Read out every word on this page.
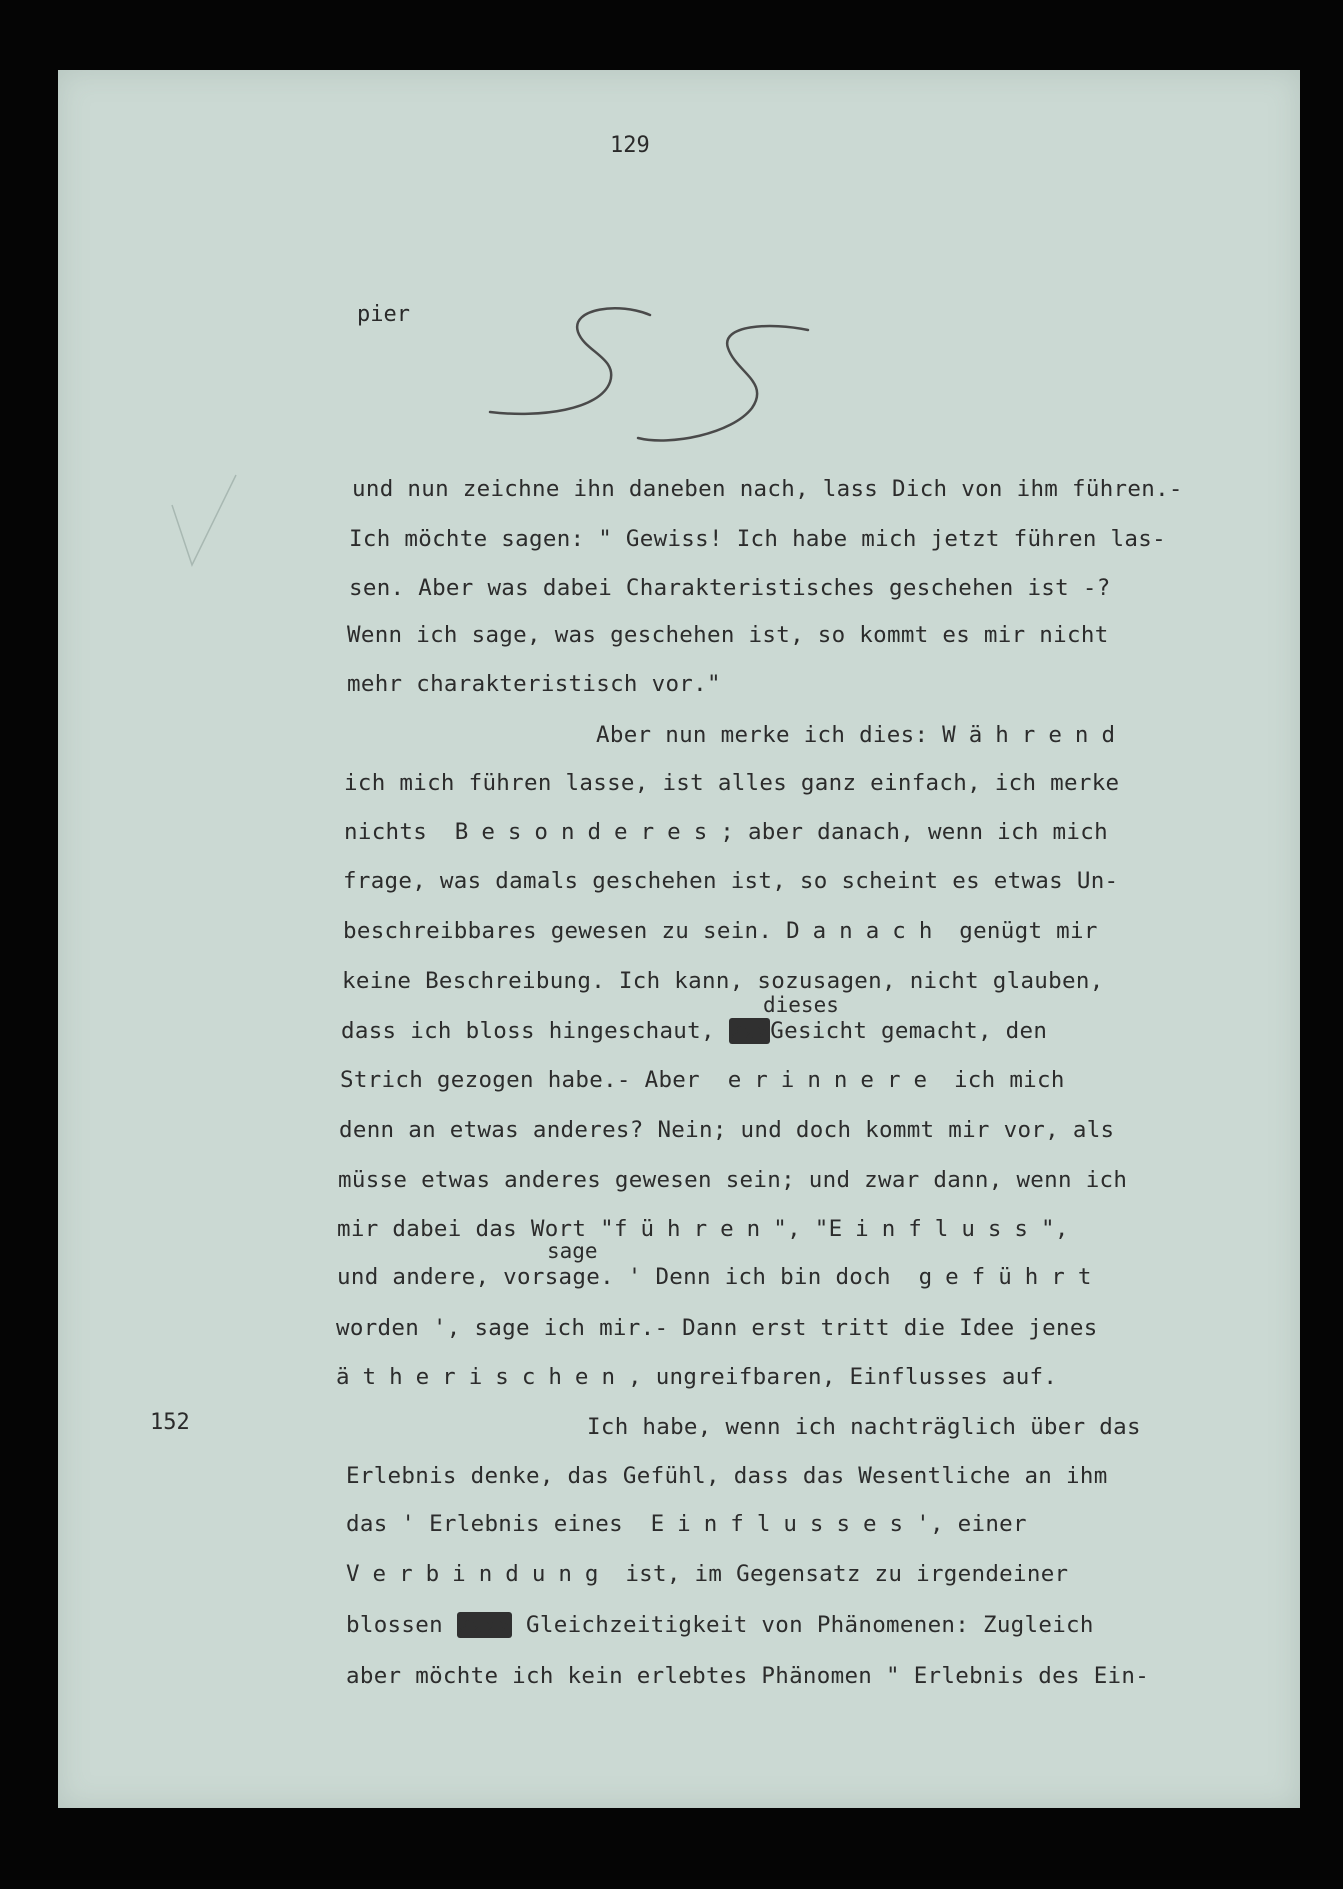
129
pier
und nun zeichne ihn daneben nach, lass Dich von ihm führen.-
Ich möchte sagen: " Gewiss! Ich habe mich jetzt führen las-
sen. Aber was dabei Charakteristisches geschehen ist -?
Wenn ich sage, was geschehen ist, so kommt es mir nicht
mehr charakteristisch vor."
Aber nun merke ich dies: Während
ich mich führen lasse, ist alles ganz einfach, ich merke
nichts Besonderes; aber danach, wenn ich mich
frage, was damals geschehen ist, so scheint es etwas Un-
beschreibbares gewesen zu sein. Danach genügt mir
keine Beschreibung. Ich kann, sozusagen, nicht glauben,
dieses
dass ich bloss hingeschaut, xxxGesicht gemacht, den
Strich gezogen habe.- Aber erinnere ich mich
denn an etwas anderes? Nein; und doch kommt mir vor, als
müsse etwas anderes gewesen sein; und zwar dann, wenn ich
mir dabei das Wort "führen", "Einfluss",
sage
und andere, vorsage. ' Denn ich bin doch geführt
worden ', sage ich mir.- Dann erst tritt die Idee jenes
ätherischen, ungreifbaren, Einflusses auf.
152	Ich habe, wenn ich nachträglich über das
Erlebnis denke, das Gefühl, dass das Wesentliche an ihm
das ' Erlebnis eines Einflusses', einer
Verbindung ist, im Gegensatz zu irgendeiner
blossen xxxx Gleichzeitigkeit von Phänomenen: Zugleich
aber möchte ich kein erlebtes Phänomen " Erlebnis des Ein-
